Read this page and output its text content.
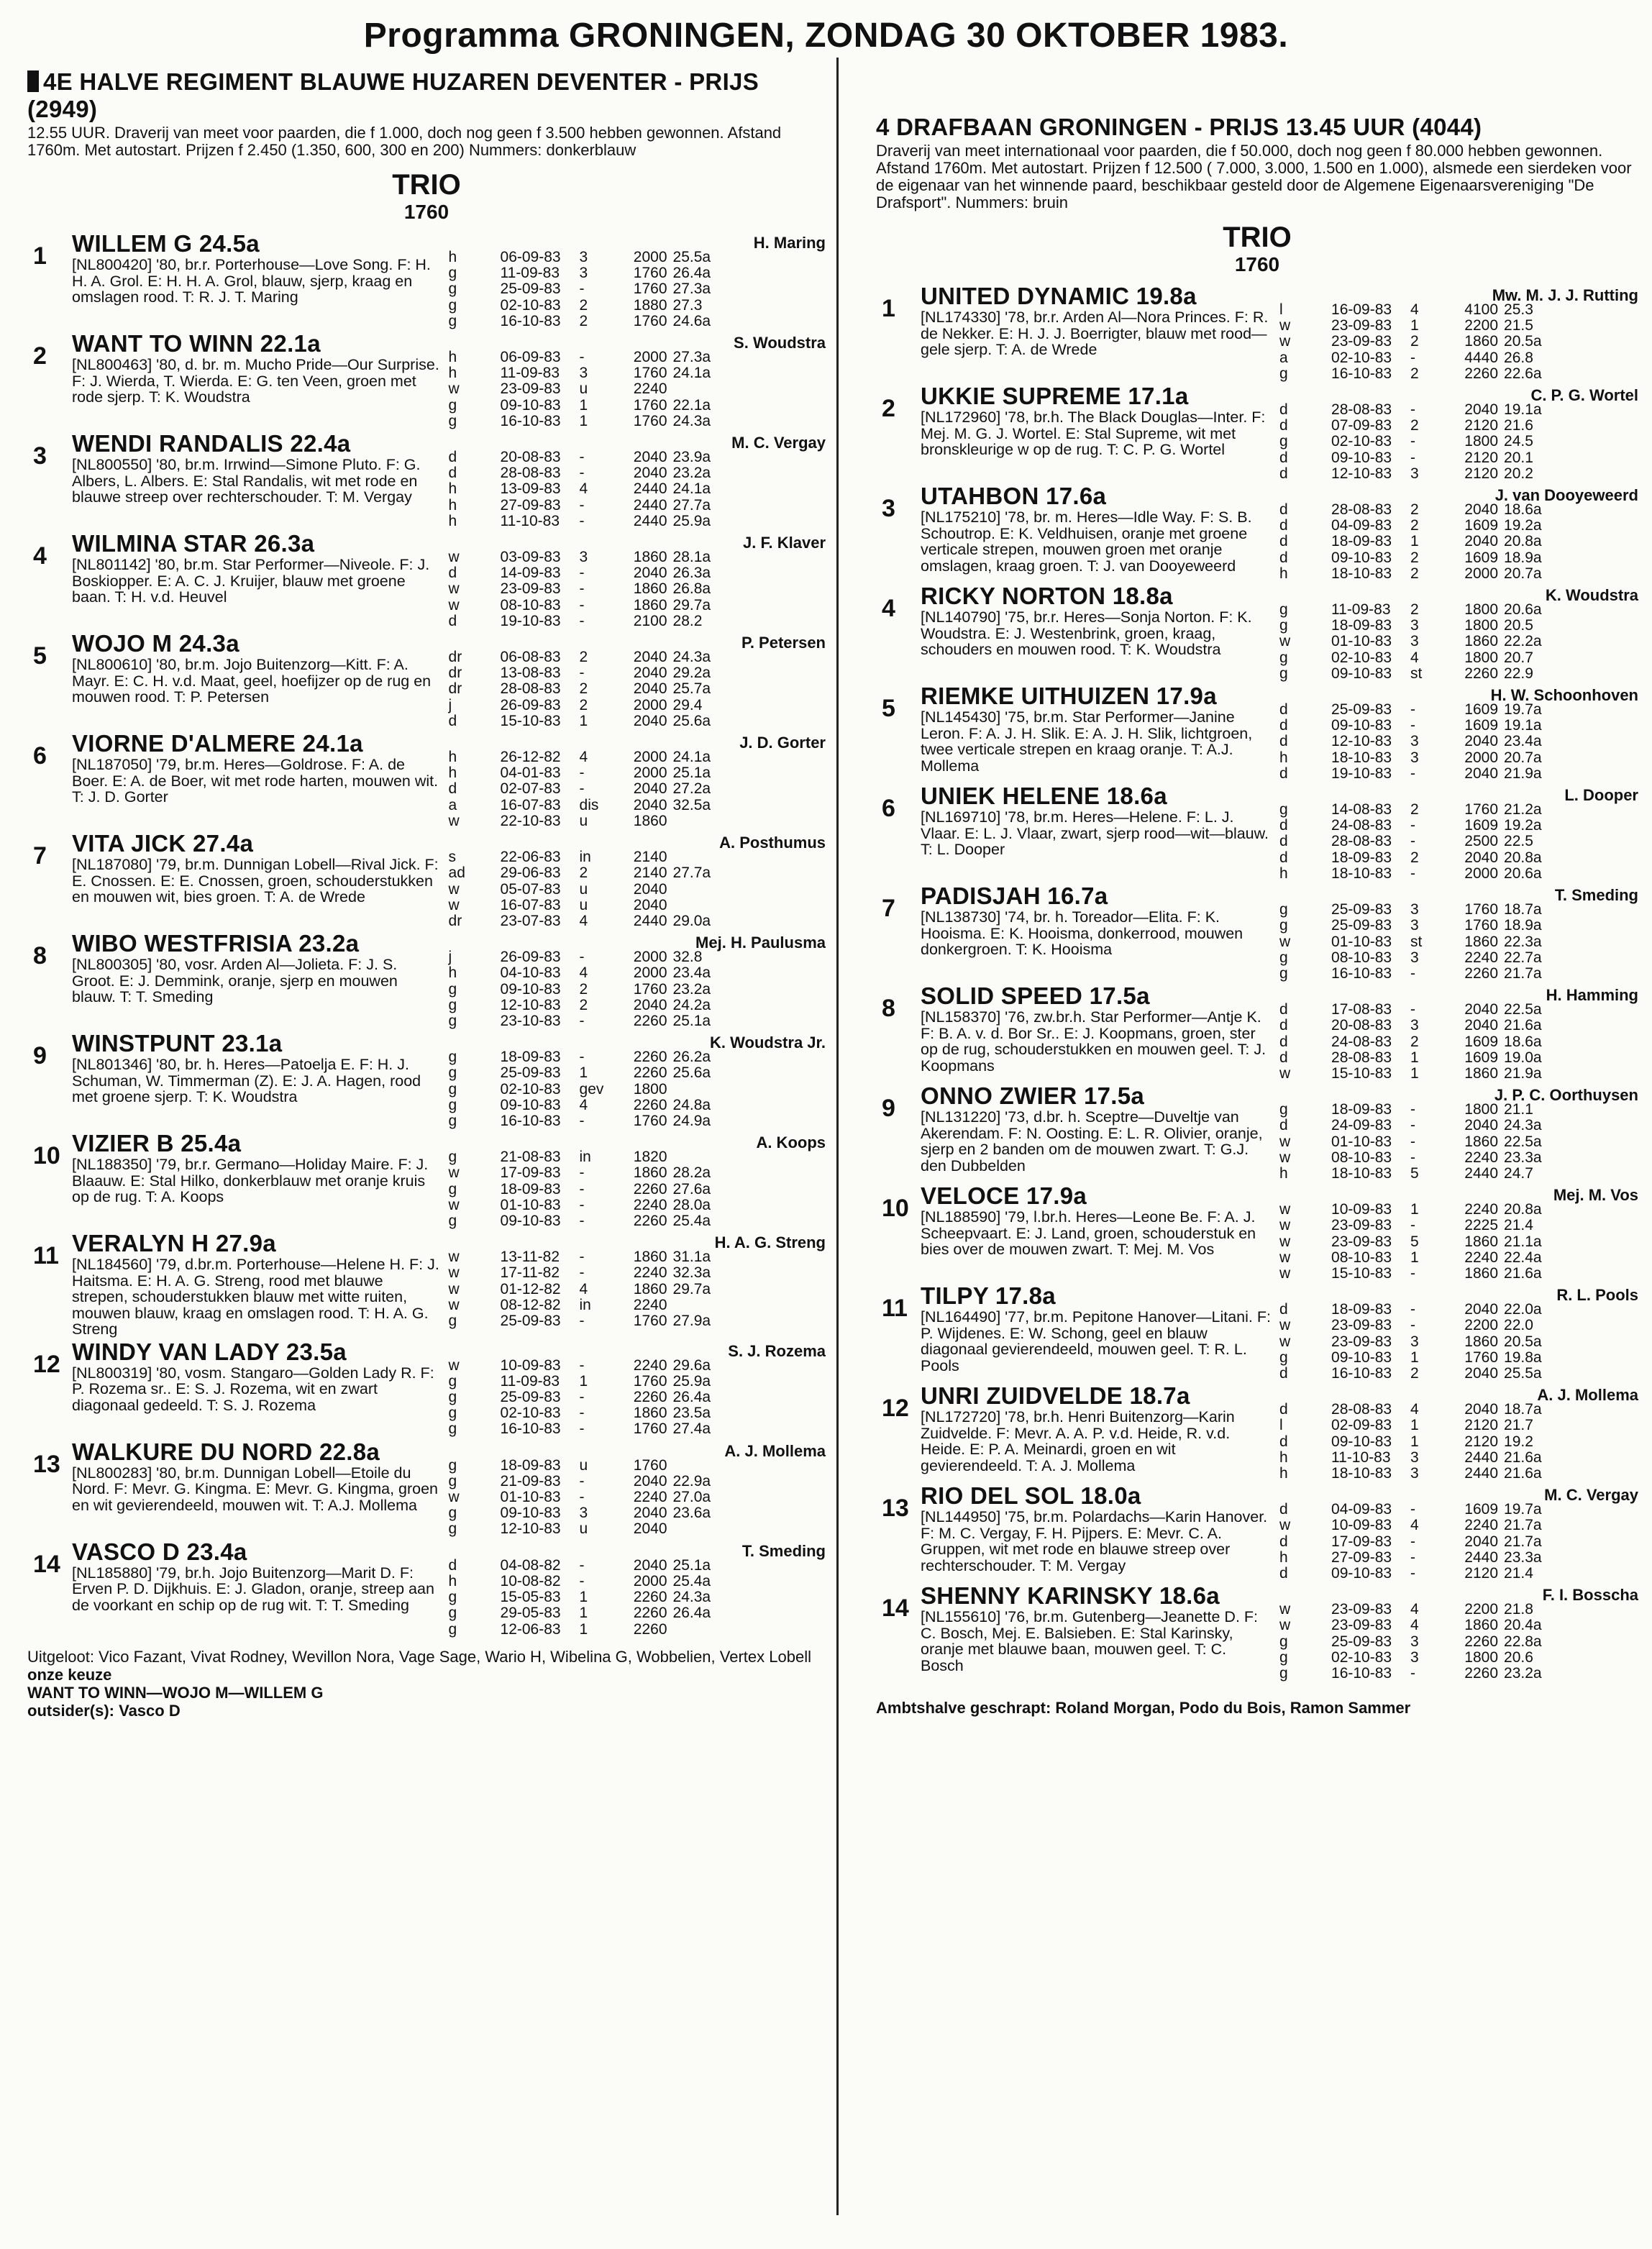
Programma GRONINGEN, ZONDAG 30 OKTOBER 1983.
4E HALVE REGIMENT BLAUWE HUZAREN DEVENTER - PRIJS (2949)
12.55 UUR. Draverij van meet voor paarden, die f 1.000, doch nog geen f 3.500 hebben gewonnen. Afstand 1760m. Met autostart. Prijzen f 2.450 (1.350, 600, 300 en 200) Nummers: donkerblauw
TRIO
1760
1	WILLEM G 24.5a	H. Maring
[NL800420] '80, br.r. Porterhouse—Love Song. F: H. H. A. Grol. E: H. H. A. Grol, blauw, sjerp, kraag en omslagen rood. T: R. J. T. Maring
h	06-09-83	3	2000 25.5a
g	11-09-83	3	1760 26.4a
g	25-09-83	-	1760 27.3a
g	02-10-83	2	1880 27.3
g	16-10-83	2	1760 24.6a
2	WANT TO WINN 22.1a	S. Woudstra
[NL800463] '80, d. br. m. Mucho Pride—Our Surprise. F: J. Wierda, T. Wierda. E: G. ten Veen, groen met rode sjerp. T: K. Woudstra
h	06-09-83	-	2000 27.3a
h	11-09-83	3	1760 24.1a
w	23-09-83	u	2240
g	09-10-83	1	1760 22.1a
g	16-10-83	1	1760 24.3a
3	WENDI RANDALIS 22.4a	M. C. Vergay
[NL800550] '80, br.m. Irrwind—Simone Pluto. F: G. Albers, L. Albers. E: Stal Randalis, wit met rode en blauwe streep over rechterschouder. T: M. Vergay
d	20-08-83	-	2040 23.9a
d	28-08-83	-	2040 23.2a
h	13-09-83	4	2440 24.1a
h	27-09-83	-	2440 27.7a
h	11-10-83	-	2440 25.9a
4	WILMINA STAR 26.3a	J. F. Klaver
[NL801142] '80, br.m. Star Performer—Niveole. F: J. Boskiopper. E: A. C. J. Kruijer, blauw met groene baan. T: H. v.d. Heuvel
w	03-09-83	3	1860 28.1a
d	14-09-83	-	2040 26.3a
w	23-09-83	-	1860 26.8a
w	08-10-83	-	1860 29.7a
d	19-10-83	-	2100 28.2
5	WOJO M 24.3a	P. Petersen
[NL800610] '80, br.m. Jojo Buitenzorg—Kitt. F: A. Mayr. E: C. H. v.d. Maat, geel, hoefijzer op de rug en mouwen rood. T: P. Petersen
dr	06-08-83	2	2040 24.3a
dr	13-08-83	-	2040 29.2a
dr	28-08-83	2	2040 25.7a
j	26-09-83	2	2000 29.4
d	15-10-83	1	2040 25.6a
6	VIORNE D'ALMERE 24.1a	J. D. Gorter
[NL187050] '79, br.m. Heres—Goldrose. F: A. de Boer. E: A. de Boer, wit met rode harten, mouwen wit. T: J. D. Gorter
h	26-12-82	4	2000 24.1a
h	04-01-83	-	2000 25.1a
d	02-07-83	-	2040 27.2a
a	16-07-83	dis	2040 32.5a
w	22-10-83	u	1860
7	VITA JICK 27.4a	A. Posthumus
[NL187080] '79, br.m. Dunnigan Lobell—Rival Jick. F: E. Cnossen. E: E. Cnossen, groen, schouderstukken en mouwen wit, bies groen. T: A. de Wrede
s	22-06-83	in	2140
ad	29-06-83	2	2140 27.7a
w	05-07-83	u	2040
w	16-07-83	u	2040
dr	23-07-83	4	2440 29.0a
8	WIBO WESTFRISIA 23.2a	Mej. H. Paulusma
[NL800305] '80, vosr. Arden Al—Jolieta. F: J. S. Groot. E: J. Demmink, oranje, sjerp en mouwen blauw. T: T. Smeding
j	26-09-83	-	2000 32.8
h	04-10-83	4	2000 23.4a
g	09-10-83	2	1760 23.2a
g	12-10-83	2	2040 24.2a
g	23-10-83	-	2260 25.1a
9	WINSTPUNT 23.1a	K. Woudstra Jr.
[NL801346] '80, br. h. Heres—Patoelja E. F: H. J. Schuman, W. Timmerman (Z). E: J. A. Hagen, rood met groene sjerp. T: K. Woudstra
g	18-09-83	-	2260 26.2a
g	25-09-83	1	2260 25.6a
g	02-10-83	gev	1800
g	09-10-83	4	2260 24.8a
g	16-10-83	-	1760 24.9a
10 VIZIER B 25.4a	A. Koops
[NL188350] '79, br.r. Germano—Holiday Maire. F: J. Blaauw. E: Stal Hilko, donkerblauw met oranje kruis op de rug. T: A. Koops
g	21-08-83	in	1820
w	17-09-83	-	1860 28.2a
g	18-09-83	-	2260 27.6a
w	01-10-83	-	2240 28.0a
g	09-10-83	-	2260 25.4a
11 VERALYN H 27.9a	H. A. G. Streng
[NL184560] '79, d.br.m. Porterhouse—Helene H. F: J. Haitsma. E: H. A. G. Streng, rood met blauwe strepen, schouderstukken blauw met witte ruiten, mouwen blauw, kraag en omslagen rood. T: H. A. G. Streng
w	13-11-82	-	1860 31.1a
w	17-11-82	-	2240 32.3a
w	01-12-82	4	1860 29.7a
w	08-12-82	in	2240
g	25-09-83	-	1760 27.9a
12 WINDY VAN LADY 23.5a	S. J. Rozema
[NL800319] '80, vosm. Stangaro—Golden Lady R. F: P. Rozema sr.. E: S. J. Rozema, wit en zwart diagonaal gedeeld. T: S. J. Rozema
w	10-09-83	-	2240 29.6a
g	11-09-83	1	1760 25.9a
g	25-09-83	-	2260 26.4a
g	02-10-83	-	1860 23.5a
g	16-10-83	-	1760 27.4a
13 WALKURE DU NORD 22.8a	A. J. Mollema
[NL800283] '80, br.m. Dunnigan Lobell—Etoile du Nord. F: Mevr. G. Kingma. E: Mevr. G. Kingma, groen en wit gevierendeeld, mouwen wit. T: A.J. Mollema
g	18-09-83	u	1760
g	21-09-83	-	2040 22.9a
w	01-10-83	-	2240 27.0a
g	09-10-83	3	2040 23.6a
g	12-10-83	u	2040
14 VASCO D 23.4a	T. Smeding
[NL185880] '79, br.h. Jojo Buitenzorg—Marit D. F: Erven P. D. Dijkhuis. E: J. Gladon, oranje, streep aan de voorkant en schip op de rug wit. T: T. Smeding
d	04-08-82	-	2040 25.1a
h	10-08-82	-	2000 25.4a
g	15-05-83	1	2260 24.3a
g	29-05-83	1	2260 26.4a
g	12-06-83	1	2260
Uitgeloot: Vico Fazant, Vivat Rodney, Wevillon Nora, Vage Sage, Wario H, Wibelina G, Wobbelien, Vertex Lobell
onze keuze
WANT TO WINN—WOJO M—WILLEM G
outsider(s): Vasco D
4 DRAFBAAN GRONINGEN - PRIJS 13.45 UUR (4044)
Draverij van meet internationaal voor paarden, die f 50.000, doch nog geen f 80.000 hebben gewonnen. Afstand 1760m. Met autostart. Prijzen f 12.500 ( 7.000, 3.000, 1.500 en 1.000), alsmede een sierdeken voor de eigenaar van het winnende paard, beschikbaar gesteld door de Algemene Eigenaarsvereniging "De Drafsport". Nummers: bruin
TRIO
1760
1	UNITED DYNAMIC 19.8a	Mw. M. J. J. Rutting
[NL174330] '78, br.r. Arden Al—Nora Princes. F: R. de Nekker. E: H. J. J. Boerrigter, blauw met rood—gele sjerp. T: A. de Wrede
l	16-09-83	4	4100 25.3
w	23-09-83	1	2200 21.5
w	23-09-83	2	1860 20.5a
a	02-10-83	-	4440 26.8
g	16-10-83	2	2260 22.6a
2	UKKIE SUPREME 17.1a	C. P. G. Wortel
[NL172960] '78, br.h. The Black Douglas—Inter. F: Mej. M. G. J. Wortel. E: Stal Supreme, wit met bronskleurige w op de rug. T: C. P. G. Wortel
d	28-08-83	-	2040 19.1a
d	07-09-83	2	2120 21.6
g	02-10-83	-	1800 24.5
d	09-10-83	-	2120 20.1
d	12-10-83	3	2120 20.2
3	UTAHBON 17.6a	J. van Dooyeweerd
[NL175210] '78, br. m. Heres—Idle Way. F: S. B. Schoutrop. E: K. Veldhuisen, oranje met groene verticale strepen, mouwen groen met oranje omslagen, kraag groen. T: J. van Dooyeweerd
d	28-08-83	2	2040 18.6a
d	04-09-83	2	1609 19.2a
d	18-09-83	1	2040 20.8a
d	09-10-83	2	1609 18.9a
h	18-10-83	2	2000 20.7a
4	RICKY NORTON 18.8a	K. Woudstra
[NL140790] '75, br.r. Heres—Sonja Norton. F: K. Woudstra. E: J. Westenbrink, groen, kraag, schouders en mouwen rood. T: K. Woudstra
g	11-09-83	2	1800 20.6a
g	18-09-83	3	1800 20.5
w	01-10-83	3	1860 22.2a
g	02-10-83	4	1800 20.7
g	09-10-83	st	2260 22.9
5	RIEMKE UITHUIZEN 17.9a	H. W. Schoonhoven
[NL145430] '75, br.m. Star Performer—Janine Leron. F: A. J. H. Slik. E: A. J. H. Slik, lichtgroen, twee verticale strepen en kraag oranje. T: A.J. Mollema
d	25-09-83	-	1609 19.7a
d	09-10-83	-	1609 19.1a
d	12-10-83	3	2040 23.4a
h	18-10-83	3	2000 20.7a
d	19-10-83	-	2040 21.9a
6	UNIEK HELENE 18.6a	L. Dooper
[NL169710] '78, br.m. Heres—Helene. F: L. J. Vlaar. E: L. J. Vlaar, zwart, sjerp rood—wit—blauw. T: L. Dooper
g	14-08-83	2	1760 21.2a
d	24-08-83	-	1609 19.2a
d	28-08-83	-	2500 22.5
d	18-09-83	2	2040 20.8a
h	18-10-83	-	2000 20.6a
7	PADISJAH 16.7a	T. Smeding
[NL138730] '74, br. h. Toreador—Elita. F: K. Hooisma. E: K. Hooisma, donkerrood, mouwen donkergroen. T: K. Hooisma
g	25-09-83	3	1760 18.7a
g	25-09-83	3	1760 18.9a
w	01-10-83	st	1860 22.3a
g	08-10-83	3	2240 22.7a
g	16-10-83	-	2260 21.7a
8	SOLID SPEED 17.5a	H. Hamming
[NL158370] '76, zw.br.h. Star Performer—Antje K. F: B. A. v. d. Bor Sr.. E: J. Koopmans, groen, ster op de rug, schouderstukken en mouwen geel. T: J. Koopmans
d	17-08-83	-	2040 22.5a
d	20-08-83	3	2040 21.6a
d	24-08-83	2	1609 18.6a
d	28-08-83	1	1609 19.0a
w	15-10-83	1	1860 21.9a
9	ONNO ZWIER 17.5a	J. P. C. Oorthuysen
[NL131220] '73, d.br. h. Sceptre—Duveltje van Akerendam. F: N. Oosting. E: L. R. Olivier, oranje, sjerp en 2 banden om de mouwen zwart. T: G.J. den Dubbelden
g	18-09-83	-	1800 21.1
d	24-09-83	-	2040 24.3a
w	01-10-83	-	1860 22.5a
w	08-10-83	-	2240 23.3a
h	18-10-83	5	2440 24.7
10 VELOCE 17.9a	Mej. M. Vos
[NL188590] '79, l.br.h. Heres—Leone Be. F: A. J. Scheepvaart. E: J. Land, groen, schouderstuk en bies over de mouwen zwart. T: Mej. M. Vos
w	10-09-83	1	2240 20.8a
w	23-09-83	-	2225 21.4
w	23-09-83	5	1860 21.1a
w	08-10-83	1	2240 22.4a
w	15-10-83	-	1860 21.6a
11 TILPY 17.8a	R. L. Pools
[NL164490] '77, br.m. Pepitone Hanover—Litani. F: P. Wijdenes. E: W. Schong, geel en blauw diagonaal gevierendeeld, mouwen geel. T: R. L. Pools
d	18-09-83	-	2040 22.0a
w	23-09-83	-	2200 22.0
w	23-09-83	3	1860 20.5a
g	09-10-83	1	1760 19.8a
d	16-10-83	2	2040 25.5a
12 UNRI ZUIDVELDE 18.7a	A. J. Mollema
[NL172720] '78, br.h. Henri Buitenzorg—Karin Zuidvelde. F: Mevr. A. A. P. v.d. Heide, R. v.d. Heide. E: P. A. Meinardi, groen en wit gevierendeeld. T: A. J. Mollema
d	28-08-83	4	2040 18.7a
l	02-09-83	1	2120 21.7
d	09-10-83	1	2120 19.2
h	11-10-83	3	2440 21.6a
h	18-10-83	3	2440 21.6a
13 RIO DEL SOL 18.0a	M. C. Vergay
[NL144950] '75, br.m. Polardachs—Karin Hanover. F: M. C. Vergay, F. H. Pijpers. E: Mevr. C. A. Gruppen, wit met rode en blauwe streep over rechterschouder. T: M. Vergay
d	04-09-83	-	1609 19.7a
w	10-09-83	4	2240 21.7a
d	17-09-83	-	2040 21.7a
h	27-09-83	-	2440 23.3a
d	09-10-83	-	2120 21.4
14 SHENNY KARINSKY 18.6a	F. I. Bosscha
[NL155610] '76, br.m. Gutenberg—Jeanette D. F: C. Bosch, Mej. E. Balsieben. E: Stal Karinsky, oranje met blauwe baan, mouwen geel. T: C. Bosch
w	23-09-83	4	2200 21.8
w	23-09-83	4	1860 20.4a
g	25-09-83	3	2260 22.8a
g	02-10-83	3	1800 20.6
g	16-10-83	-	2260 23.2a
Ambtshalve geschrapt: Roland Morgan, Podo du Bois, Ramon Sammer
